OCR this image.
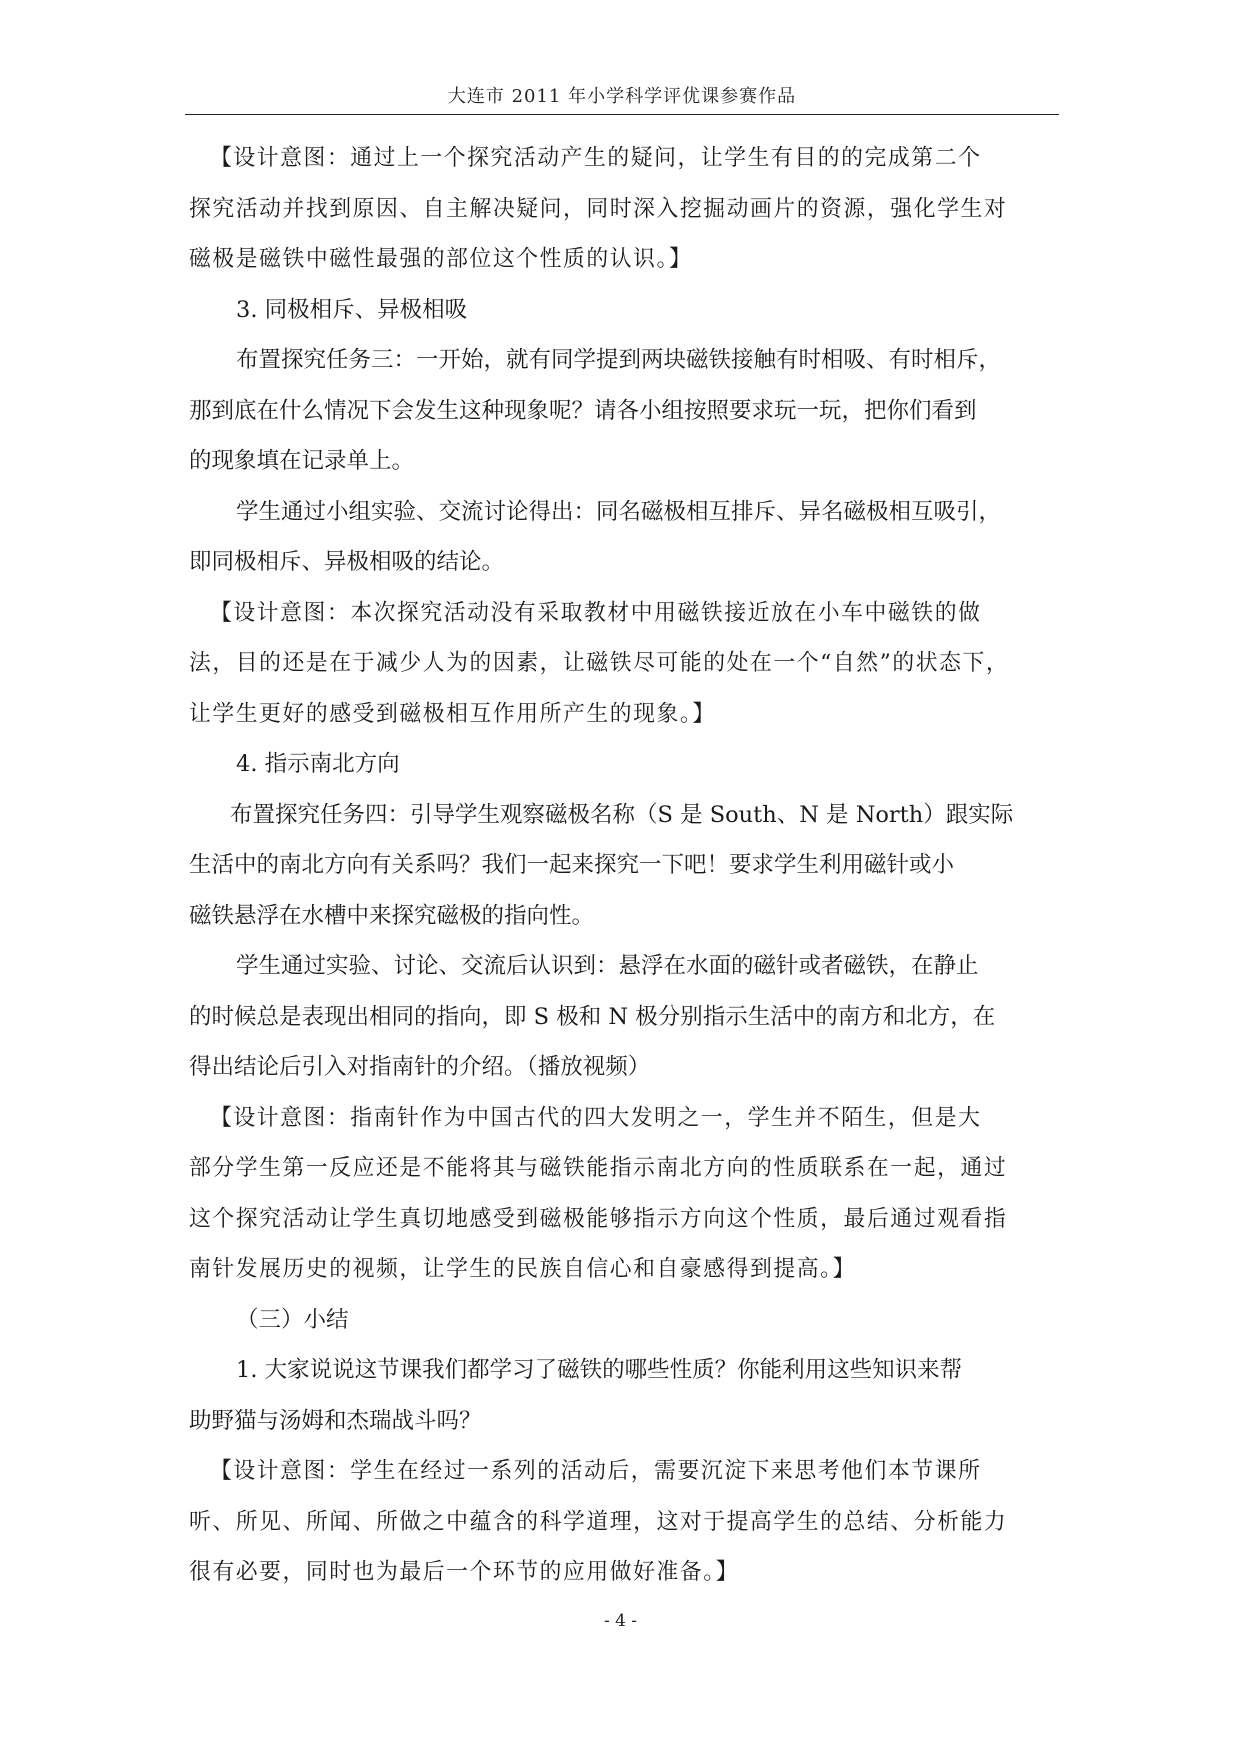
大连市 2011 年小学科学评优课参赛作品
【设计意图：通过上一个探究活动产生的疑问，让学生有目的的完成第二个
探究活动并找到原因、自主解决疑问，同时深入挖掘动画片的资源，强化学生对
磁极是磁铁中磁性最强的部位这个性质的认识。】
3. 同极相斥、异极相吸
布置探究任务三：一开始，就有同学提到两块磁铁接触有时相吸、有时相斥，
那到底在什么情况下会发生这种现象呢？请各小组按照要求玩一玩，把你们看到
的现象填在记录单上。
学生通过小组实验、交流讨论得出：同名磁极相互排斥、异名磁极相互吸引，
即同极相斥、异极相吸的结论。
【设计意图：本次探究活动没有采取教材中用磁铁接近放在小车中磁铁的做
法，目的还是在于减少人为的因素，让磁铁尽可能的处在一个“自然”的状态下，
让学生更好的感受到磁极相互作用所产生的现象。】
4. 指示南北方向
布置探究任务四：引导学生观察磁极名称（S 是 South、N 是 North）跟实际
生活中的南北方向有关系吗？我们一起来探究一下吧！要求学生利用磁针或小
磁铁悬浮在水槽中来探究磁极的指向性。
学生通过实验、讨论、交流后认识到：悬浮在水面的磁针或者磁铁，在静止
的时候总是表现出相同的指向，即 S 极和 N 极分别指示生活中的南方和北方，在
得出结论后引入对指南针的介绍。（播放视频）
【设计意图：指南针作为中国古代的四大发明之一，学生并不陌生，但是大
部分学生第一反应还是不能将其与磁铁能指示南北方向的性质联系在一起，通过
这个探究活动让学生真切地感受到磁极能够指示方向这个性质，最后通过观看指
南针发展历史的视频，让学生的民族自信心和自豪感得到提高。】
（三）小结
1. 大家说说这节课我们都学习了磁铁的哪些性质？你能利用这些知识来帮
助野猫与汤姆和杰瑞战斗吗？
【设计意图：学生在经过一系列的活动后，需要沉淀下来思考他们本节课所
听、所见、所闻、所做之中蕴含的科学道理，这对于提高学生的总结、分析能力
很有必要，同时也为最后一个环节的应用做好准备。】
- 4 -
